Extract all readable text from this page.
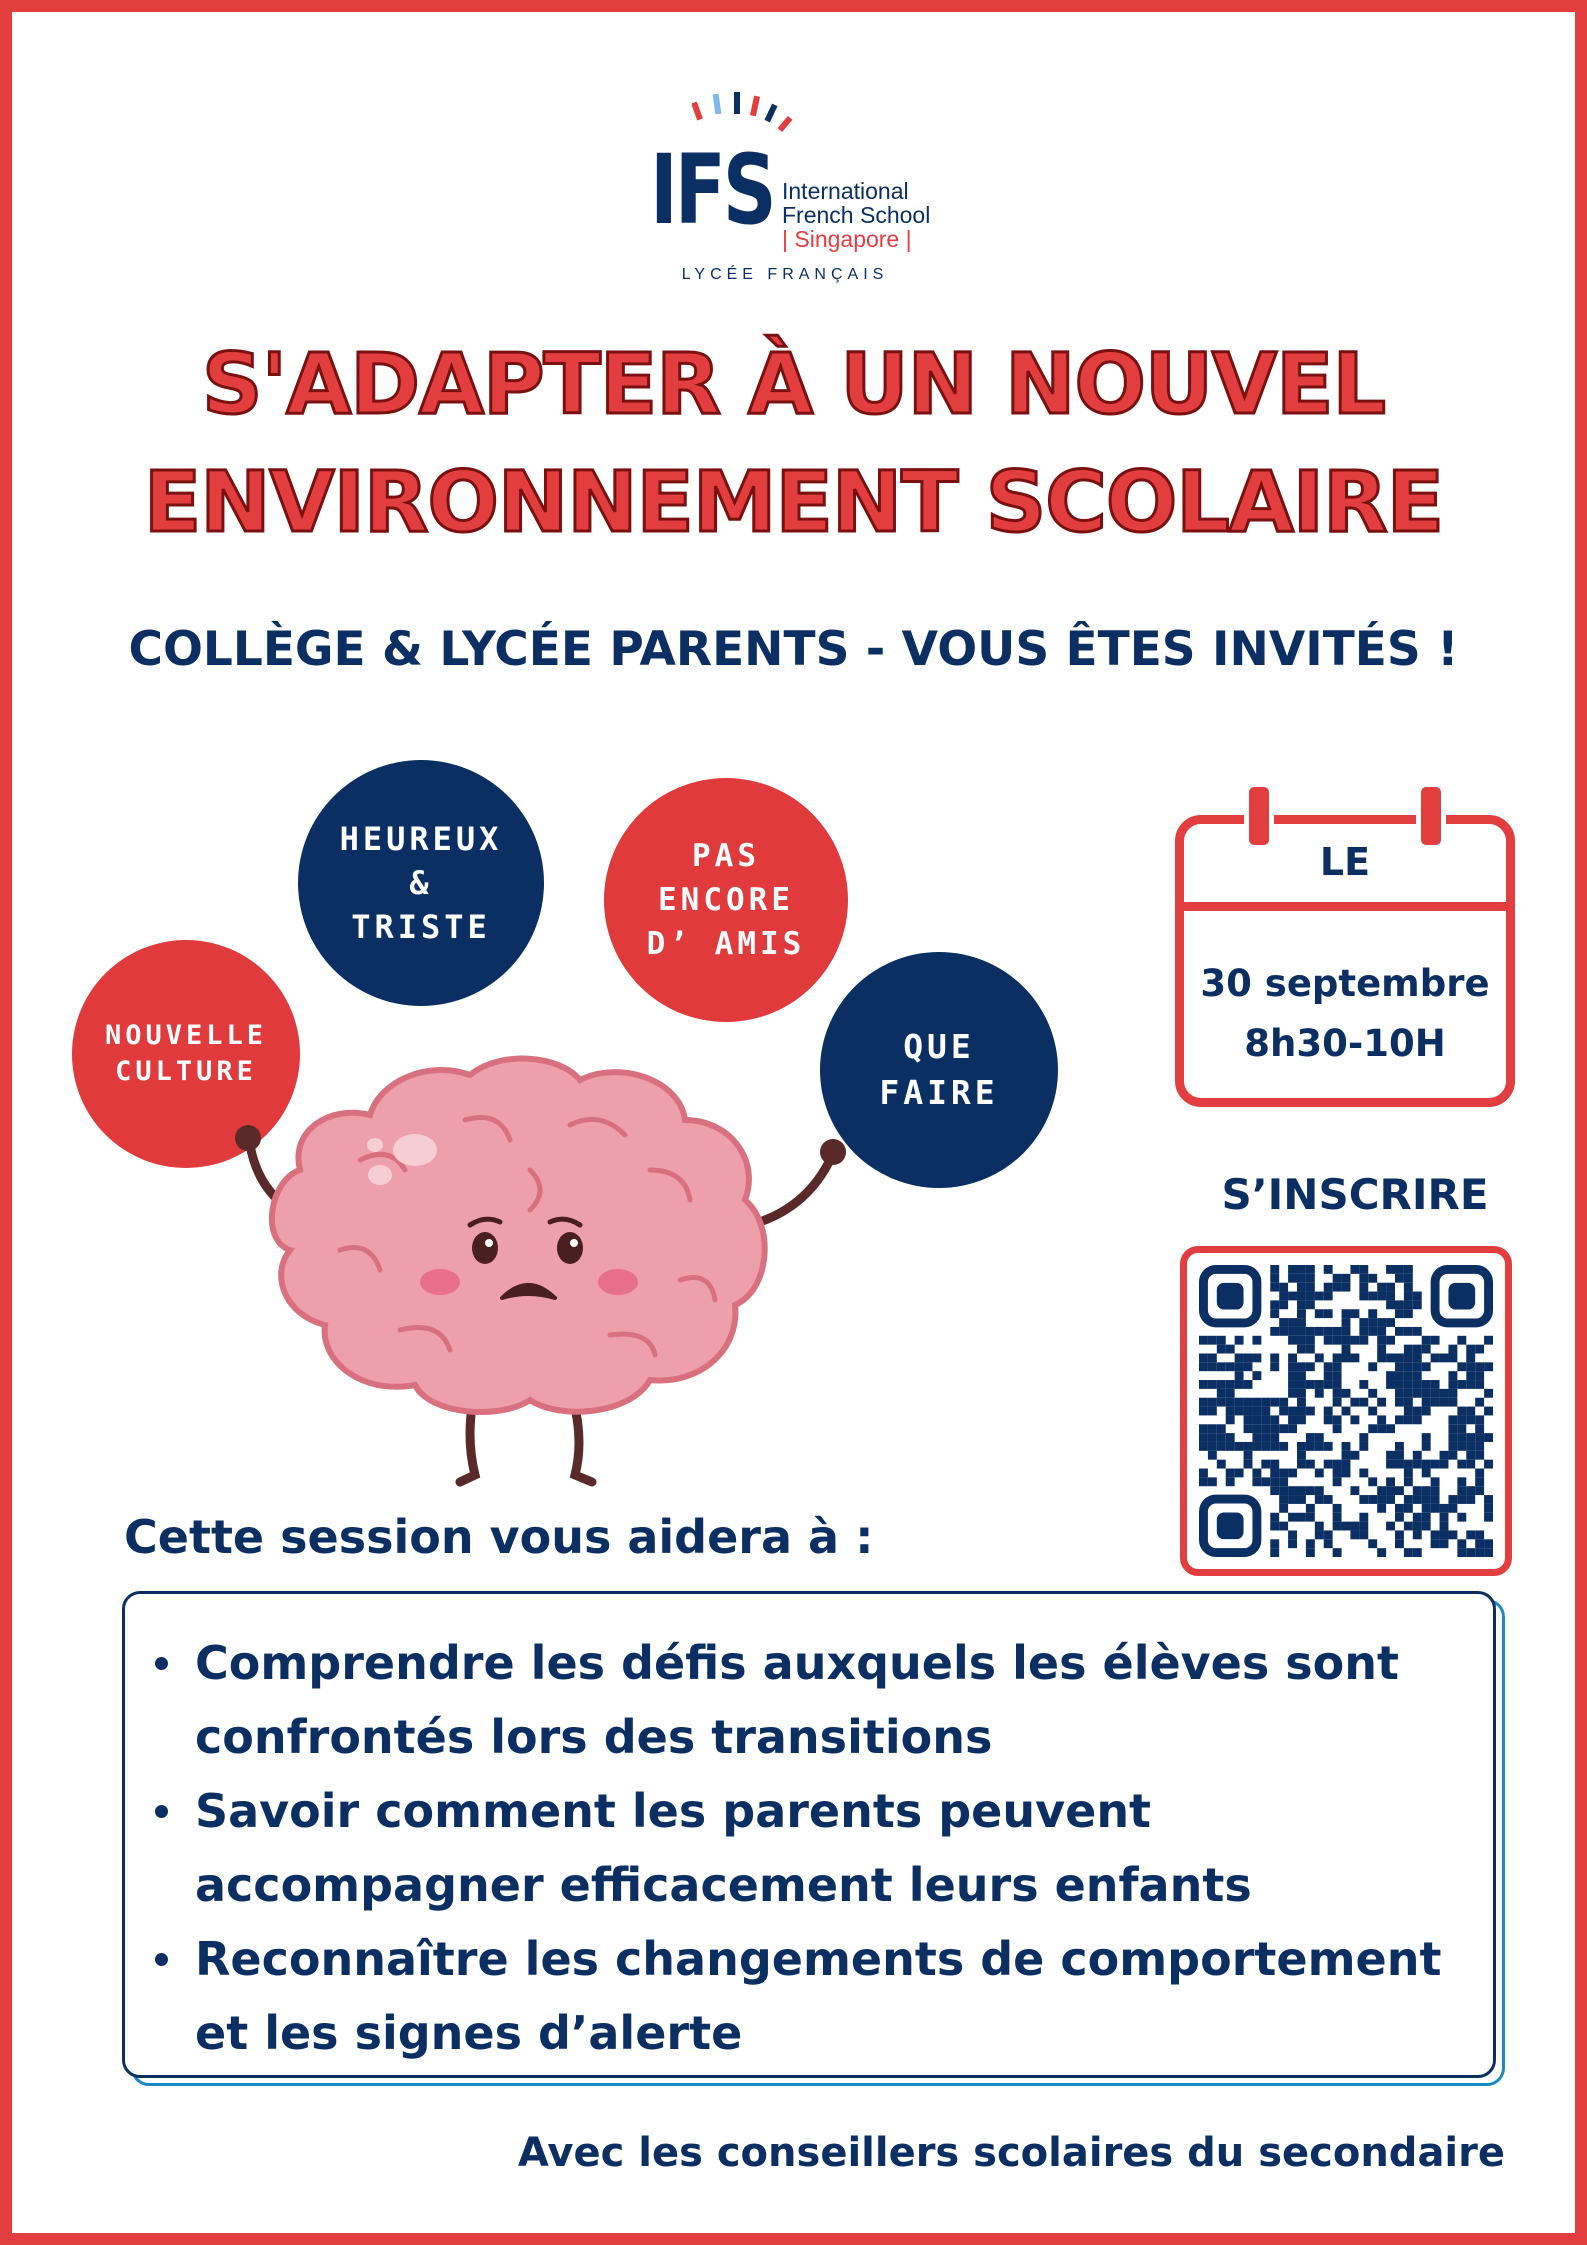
IFS International
French School
| Singapore |
LYCÉE FRANÇAIS
S'ADAPTER À UN NOUVEL
ENVIRONNEMENT SCOLAIRE
COLLÈGE & LYCÉE PARENTS - VOUS ÊTES INVITÉS !
NOUVELLE
CULTURE
HEUREUX
&
TRISTE
PAS
ENCORE
D’ AMIS
QUE
FAIRE
LE
30 septembre
8h30-10H
S’INSCRIRE
Cette session vous aidera à :
Comprendre les défis auxquels les élèves sont confrontés lors des transitions
Savoir comment les parents peuvent accompagner efficacement leurs enfants
Reconnaître les changements de comportement et les signes d’alerte
Avec les conseillers scolaires du secondaire
